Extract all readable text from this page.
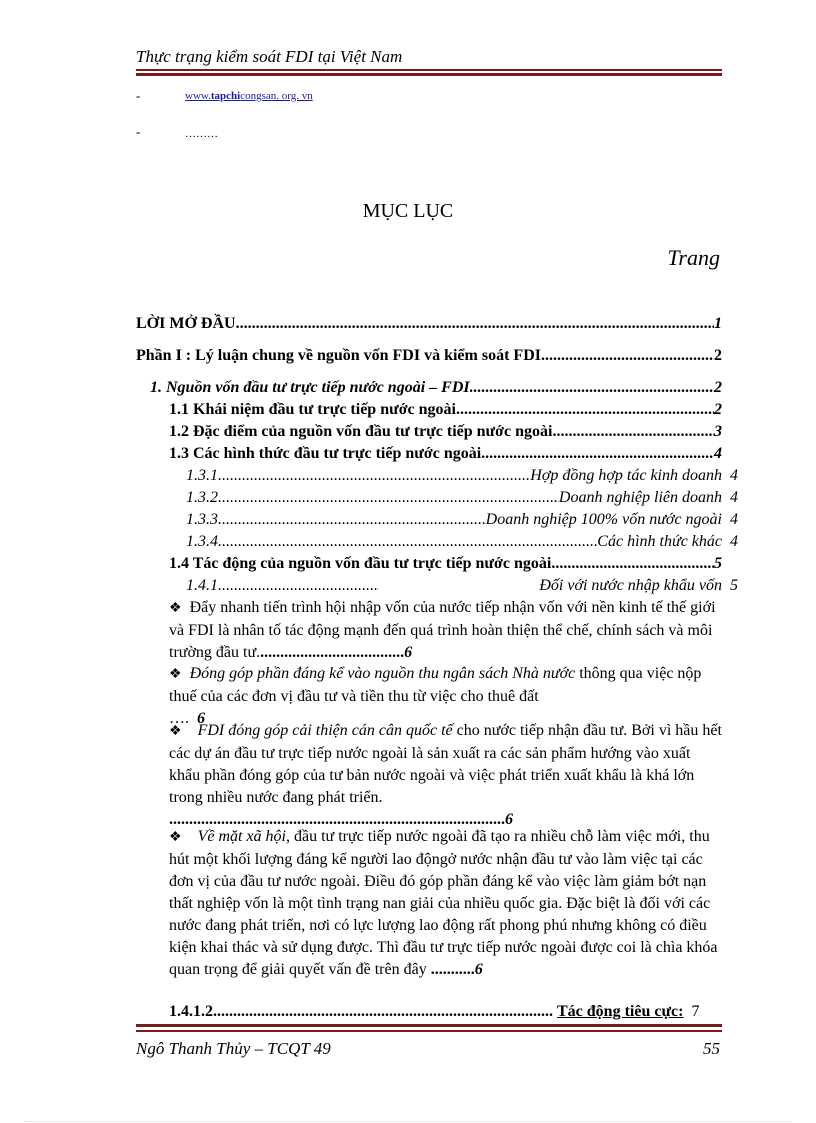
Thực trạng kiểm soát FDI tại Việt Nam
-	www.tapchicongsan. org. vn
-	………
MỤC LỤC
Trang
LỜI MỞ ĐẦU .....	1
Phần I : Lý luận chung về nguồn vốn FDI và kiểm soát FDI .....	2
1. Nguồn vốn đầu tư trực tiếp nước ngoài – FDI .....	2
1.1 Khái niệm đầu tư trực tiếp nước ngoài .....	2
1.2 Đặc điểm của nguồn vốn đầu tư trực tiếp nước ngoài .....	3
1.3 Các hình thức đầu tư trực tiếp nước ngoài .....	4
1.3.1 .....	Hợp đồng hợp tác kinh doanh 4
1.3.2 .....	Doanh nghiệp liên doanh 4
1.3.3. .....	Doanh nghiệp 100% vốn nước ngoài 4
1.3.4. .....	Các hình thức khác 4
1.4 Tác động của nguồn vốn đầu tư trực tiếp nước ngoài .....	5
1.4.1 .....	Đối với nước nhập khẩu vốn 5
❖ Đẩy nhanh tiến trình hội nhập vốn của nước tiếp nhận vốn với nền kinh tế thế giới và FDI là nhân tố tác động mạnh đến quá trình hoàn thiện thể chế, chính sách và môi trường đầu tư.....................................6
❖ Đóng góp phần đáng kể vào nguồn thu ngân sách Nhà nước thông qua việc nộp thuế của các đơn vị đầu tư và tiền thu từ việc cho thuê đất
….  6
❖ FDI đóng góp cải thiện cán cân quốc tế cho nước tiếp nhận đầu tư. Bởi vì hầu hết các dự án đầu tư trực tiếp nước ngoài là sản xuất ra các sản phẩm hướng vào xuất khẩu phần đóng góp của tư bản nước ngoài và việc phát triển xuất khẩu là khá lớn trong nhiều nước đang phát triển. ....................................................................................6
❖ Về mặt xã hội, đầu tư trực tiếp nước ngoài đã tạo ra nhiều chỗ làm việc mới, thu hút một khối lượng đáng kể người lao độngở nước nhận đầu tư vào làm việc tại các đơn vị của đầu tư nước ngoài. Điều đó góp phần đáng kể vào việc làm giảm bớt nạn thất nghiệp vốn là một tình trạng nan giải của nhiều quốc gia. Đặc biệt là đối với các nước đang phát triển, nơi có lực lượng lao động rất phong phú nhưng không có điều kiện khai thác và sử dụng được. Thì đầu tư trực tiếp nước ngoài được coi là chìa khóa quan trọng để giải quyết vấn đề trên đây ...........6
1.4.1.2 .....
	Tác động tiêu cực: 7
Ngô Thanh Thủy – TCQT 49	55
